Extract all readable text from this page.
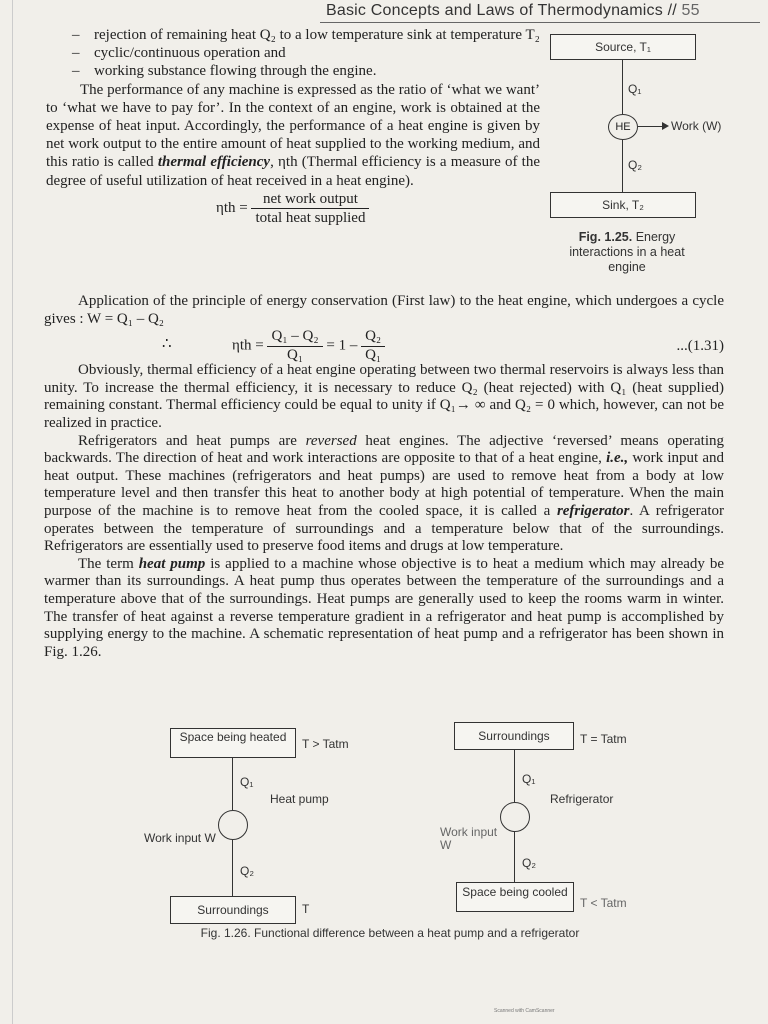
Basic Concepts and Laws of Thermodynamics // 55

– rejection of remaining heat Q₂ to a low temperature sink at temperature T₂

– cyclic/continuous operation and

– working substance flowing through the engine.

The performance of any machine is expressed as the ratio of ‘what we want’ to ‘what we have to pay for’. In the context of an engine, work is obtained at the expense of heat input. Accordingly, the performance of a heat engine is given by net work output to the entire amount of heat supplied to the working medium, and this ratio is called thermal efficiency, ηth (Thermal efficiency is a measure of the degree of useful utilization of heat received in a heat engine).

$\eta th = \frac{\text{net work output}}{\text{total heat supplied}}$
Source, T₁
Q₁
HE	Work (W)
Q₂
Sink, T₂
Fig. 1.25. Energy interactions in a heat engine

Application of the principle of energy conservation (First law) to the heat engine, which undergoes a cycle gives : W = Q₁ – Q₂

∴	$\eta th = \frac{\text{Q₁ – Q₂}}{\text{Q₁}} = 1 - \frac{\text{Q₂}}{\text{Q₁}}$	...(1.31)

Obviously, thermal efficiency of a heat engine operating between two thermal reservoirs is always less than unity. To increase the thermal efficiency, it is necessary to reduce Q₂ (heat rejected) with Q₁ (heat supplied) remaining constant. Thermal efficiency could be equal to unity if Q₁→ ∞ and Q₂ = 0 which, however, can not be realized in practice.

Refrigerators and heat pumps are reversed heat engines. The adjective ‘reversed’ means operating backwards. The direction of heat and work interactions are opposite to that of a heat engine, i.e., work input and heat output. These machines (refrigerators and heat pumps) are used to remove heat from a body at low temperature level and then transfer this heat to another body at high potential of temperature. When the main purpose of the machine is to remove heat from the cooled space, it is called a refrigerator. A refrigerator operates between the temperature of surroundings and a temperature below that of the surroundings. Refrigerators are essentially used to preserve food items and drugs at low temperature.

The term heat pump is applied to a machine whose objective is to heat a medium which may already be warmer than its surroundings. A heat pump thus operates between the temperature of the surroundings and a temperature above that of the surroundings. Heat pumps are generally used to keep the rooms warm in winter. The transfer of heat against a reverse temperature gradient in a refrigerator and heat pump is accomplished by supplying energy to the machine. A schematic representation of heat pump and a refrigerator has been shown in Fig. 1.26.

Space being heated	T > Tatm
Q₁
Heat pump
Work input W
Q₂
Surroundings	T
Surroundings	T = Tatm
Q₁
Refrigerator
Work input W
Q₂
Space being cooled
T < Tatm
Fig. 1.26. Functional difference between a heat pump and a refrigerator
Scanned with CamScanner
